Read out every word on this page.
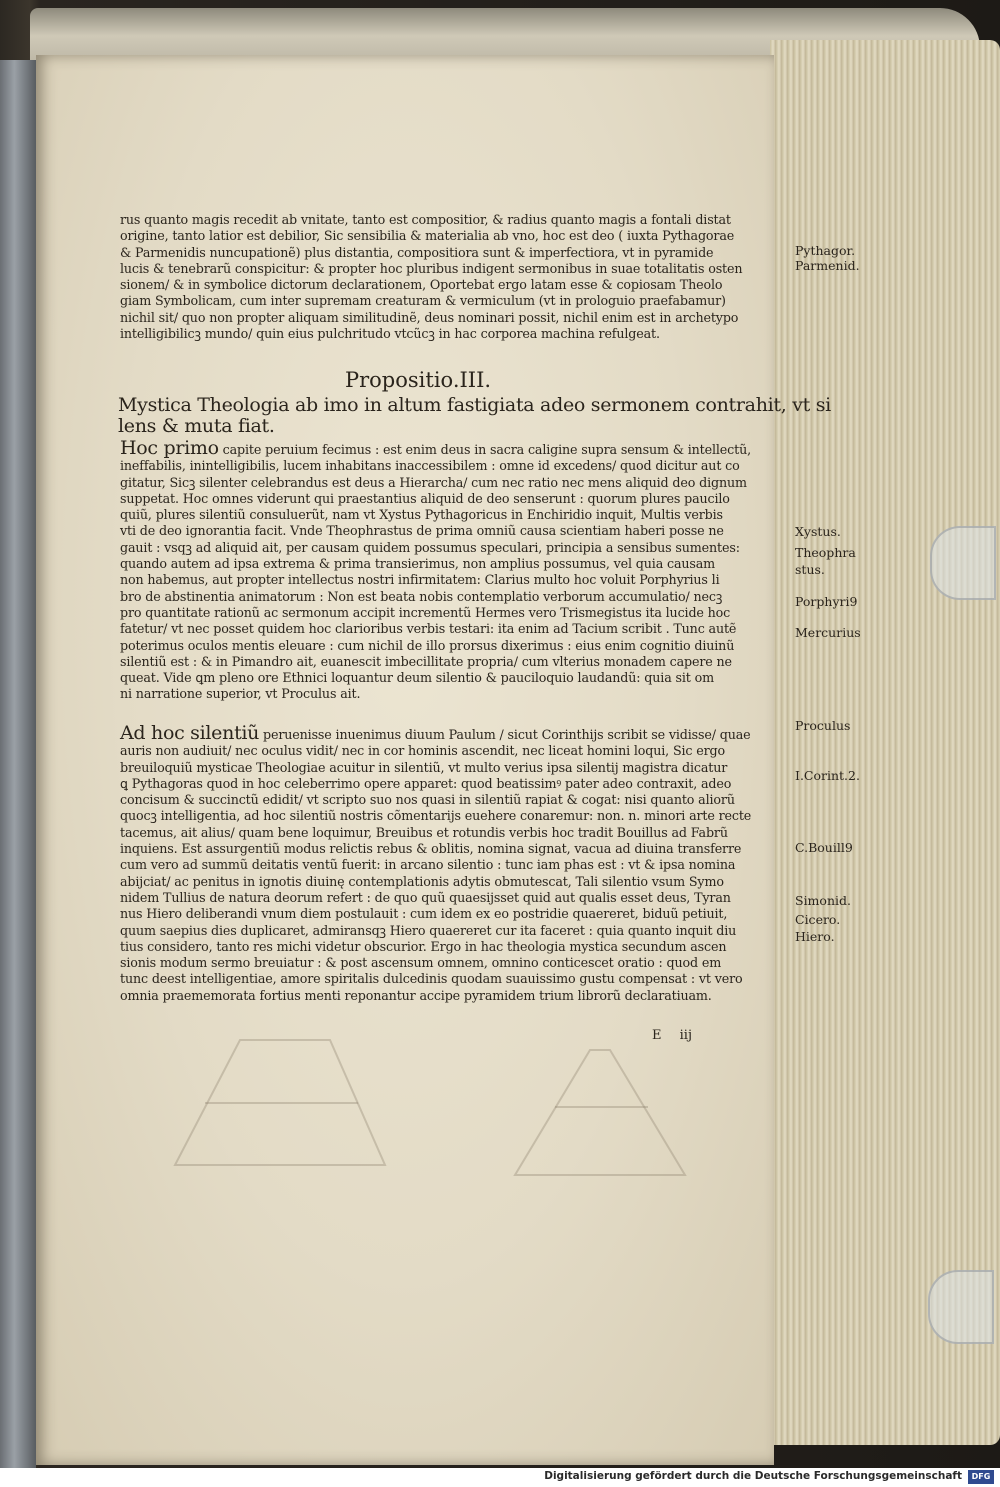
rus quanto magis recedit ab vnitate, tanto est compositior, & radius quanto magis a fontali distat
origine, tanto latior est debilior, Sic sensibilia & materialia ab vno, hoc est deo ( iuxta Pythagorae
& Parmenidis nuncupationẽ) plus distantia, compositiora sunt & imperfectiora, vt in pyramide
lucis & tenebrarũ conspicitur: & propter hoc pluribus indigent sermonibus in suae totalitatis osten
sionem/ & in symbolice dictorum declarationem, Oportebat ergo latam esse & copiosam Theolo
giam Symbolicam, cum inter supremam creaturam & vermiculum (vt in prologuio praefabamur)
nichil sit/ quo non propter aliquam similitudinẽ, deus nominari possit, nichil enim est in archetypo
intelligibilicꝫ mundo/ quin eius pulchritudo vtcũcꝫ in hac corporea machina refulgeat.
Propositio.III.
Mystica Theologia ab imo in altum fastigiata adeo sermonem contrahit, vt si
lens & muta fiat.
Hoc primo capite peruium fecimus : est enim deus in sacra caligine supra sensum & intellectũ,
ineffabilis, inintelligibilis, lucem inhabitans inaccessibilem : omne id excedens/ quod dicitur aut co
gitatur, Sicꝫ silenter celebrandus est deus a Hierarcha/ cum nec ratio nec mens aliquid deo dignum
suppetat. Hoc omnes viderunt qui praestantius aliquid de deo senserunt : quorum plures paucilo
quiũ, plures silentiũ consuluerũt, nam vt Xystus Pythagoricus in Enchiridio inquit, Multis verbis
vti de deo ignorantia facit. Vnde Theophrastus de prima omniũ causa scientiam haberi posse ne
gauit : vsqꝫ ad aliquid ait, per causam quidem possumus speculari, principia a sensibus sumentes:
quando autem ad ipsa extrema & prima transierimus, non amplius possumus, vel quia causam
non habemus, aut propter intellectus nostri infirmitatem: Clarius multo hoc voluit Porphyrius li
bro de abstinentia animatorum : Non est beata nobis contemplatio verborum accumulatio/ necꝫ
pro quantitate rationũ ac sermonum accipit incrementũ Hermes vero Trismegistus ita lucide hoc
fatetur/ vt nec posset quidem hoc clarioribus verbis testari: ita enim ad Tacium scribit . Tunc autẽ
poterimus oculos mentis eleuare : cum nichil de illo prorsus dixerimus : eius enim cognitio diuinũ
silentiũ est : & in Pimandro ait, euanescit imbecillitate propria/ cum vlterius monadem capere ne
queat. Vide ꝗm pleno ore Ethnici loquantur deum silentio & pauciloquio laudandũ: quia sit om
ni narratione superior, vt Proculus ait.
Ad hoc silentiũ peruenisse inuenimus diuum Paulum / sicut Corinthijs scribit se vidisse/ quae
auris non audiuit/ nec oculus vidit/ nec in cor hominis ascendit, nec liceat homini loqui, Sic ergo
breuiloquiũ mysticae Theologiae acuitur in silentiũ, vt multo verius ipsa silentij magistra dicatur
ꝗ Pythagoras quod in hoc celeberrimo opere apparet: quod beatissimꝰ pater adeo contraxit, adeo
concisum & succinctũ edidit/ vt scripto suo nos quasi in silentiũ rapiat & cogat: nisi quanto aliorũ
quocꝫ intelligentia, ad hoc silentiũ nostris cõmentarijs euehere conaremur: non. n. minori arte recte
tacemus, ait alius/ quam bene loquimur, Breuibus et rotundis verbis hoc tradit Bouillus ad Fabrũ
inquiens. Est assurgentiũ modus relictis rebus & oblitis, nomina signat, vacua ad diuina transferre
cum vero ad summũ deitatis ventũ fuerit: in arcano silentio : tunc iam phas est : vt & ipsa nomina
abijciat/ ac penitus in ignotis diuinę contemplationis adytis obmutescat, Tali silentio vsum Symo
nidem Tullius de natura deorum refert : de quo quũ quaesijsset quid aut qualis esset deus, Tyran
nus Hiero deliberandi vnum diem postulauit : cum idem ex eo postridie quaereret, biduũ petiuit,
quum saepius dies duplicaret, admiransqꝫ Hiero quaereret cur ita faceret : quia quanto inquit diu
tius considero, tanto res michi videtur obscurior. Ergo in hac theologia mystica secundum ascen
sionis modum sermo breuiatur : & post ascensum omnem, omnino conticescet oratio : quod em
tunc deest intelligentiae, amore spiritalis dulcedinis quodam suauissimo gustu compensat : vt vero
omnia praememorata fortius menti reponantur accipe pyramidem trium librorũ declaratiuam.
E iij
Pythagor.
Parmenid.
Xystus.
Theophra
stus.
Porphyri9
Mercurius
Proculus
I.Corint.2.
C.Bouill9
Simonid.
Cicero.
Hiero.
Digitalisierung gefördert durch die Deutsche Forschungsgemeinschaft	DFG
